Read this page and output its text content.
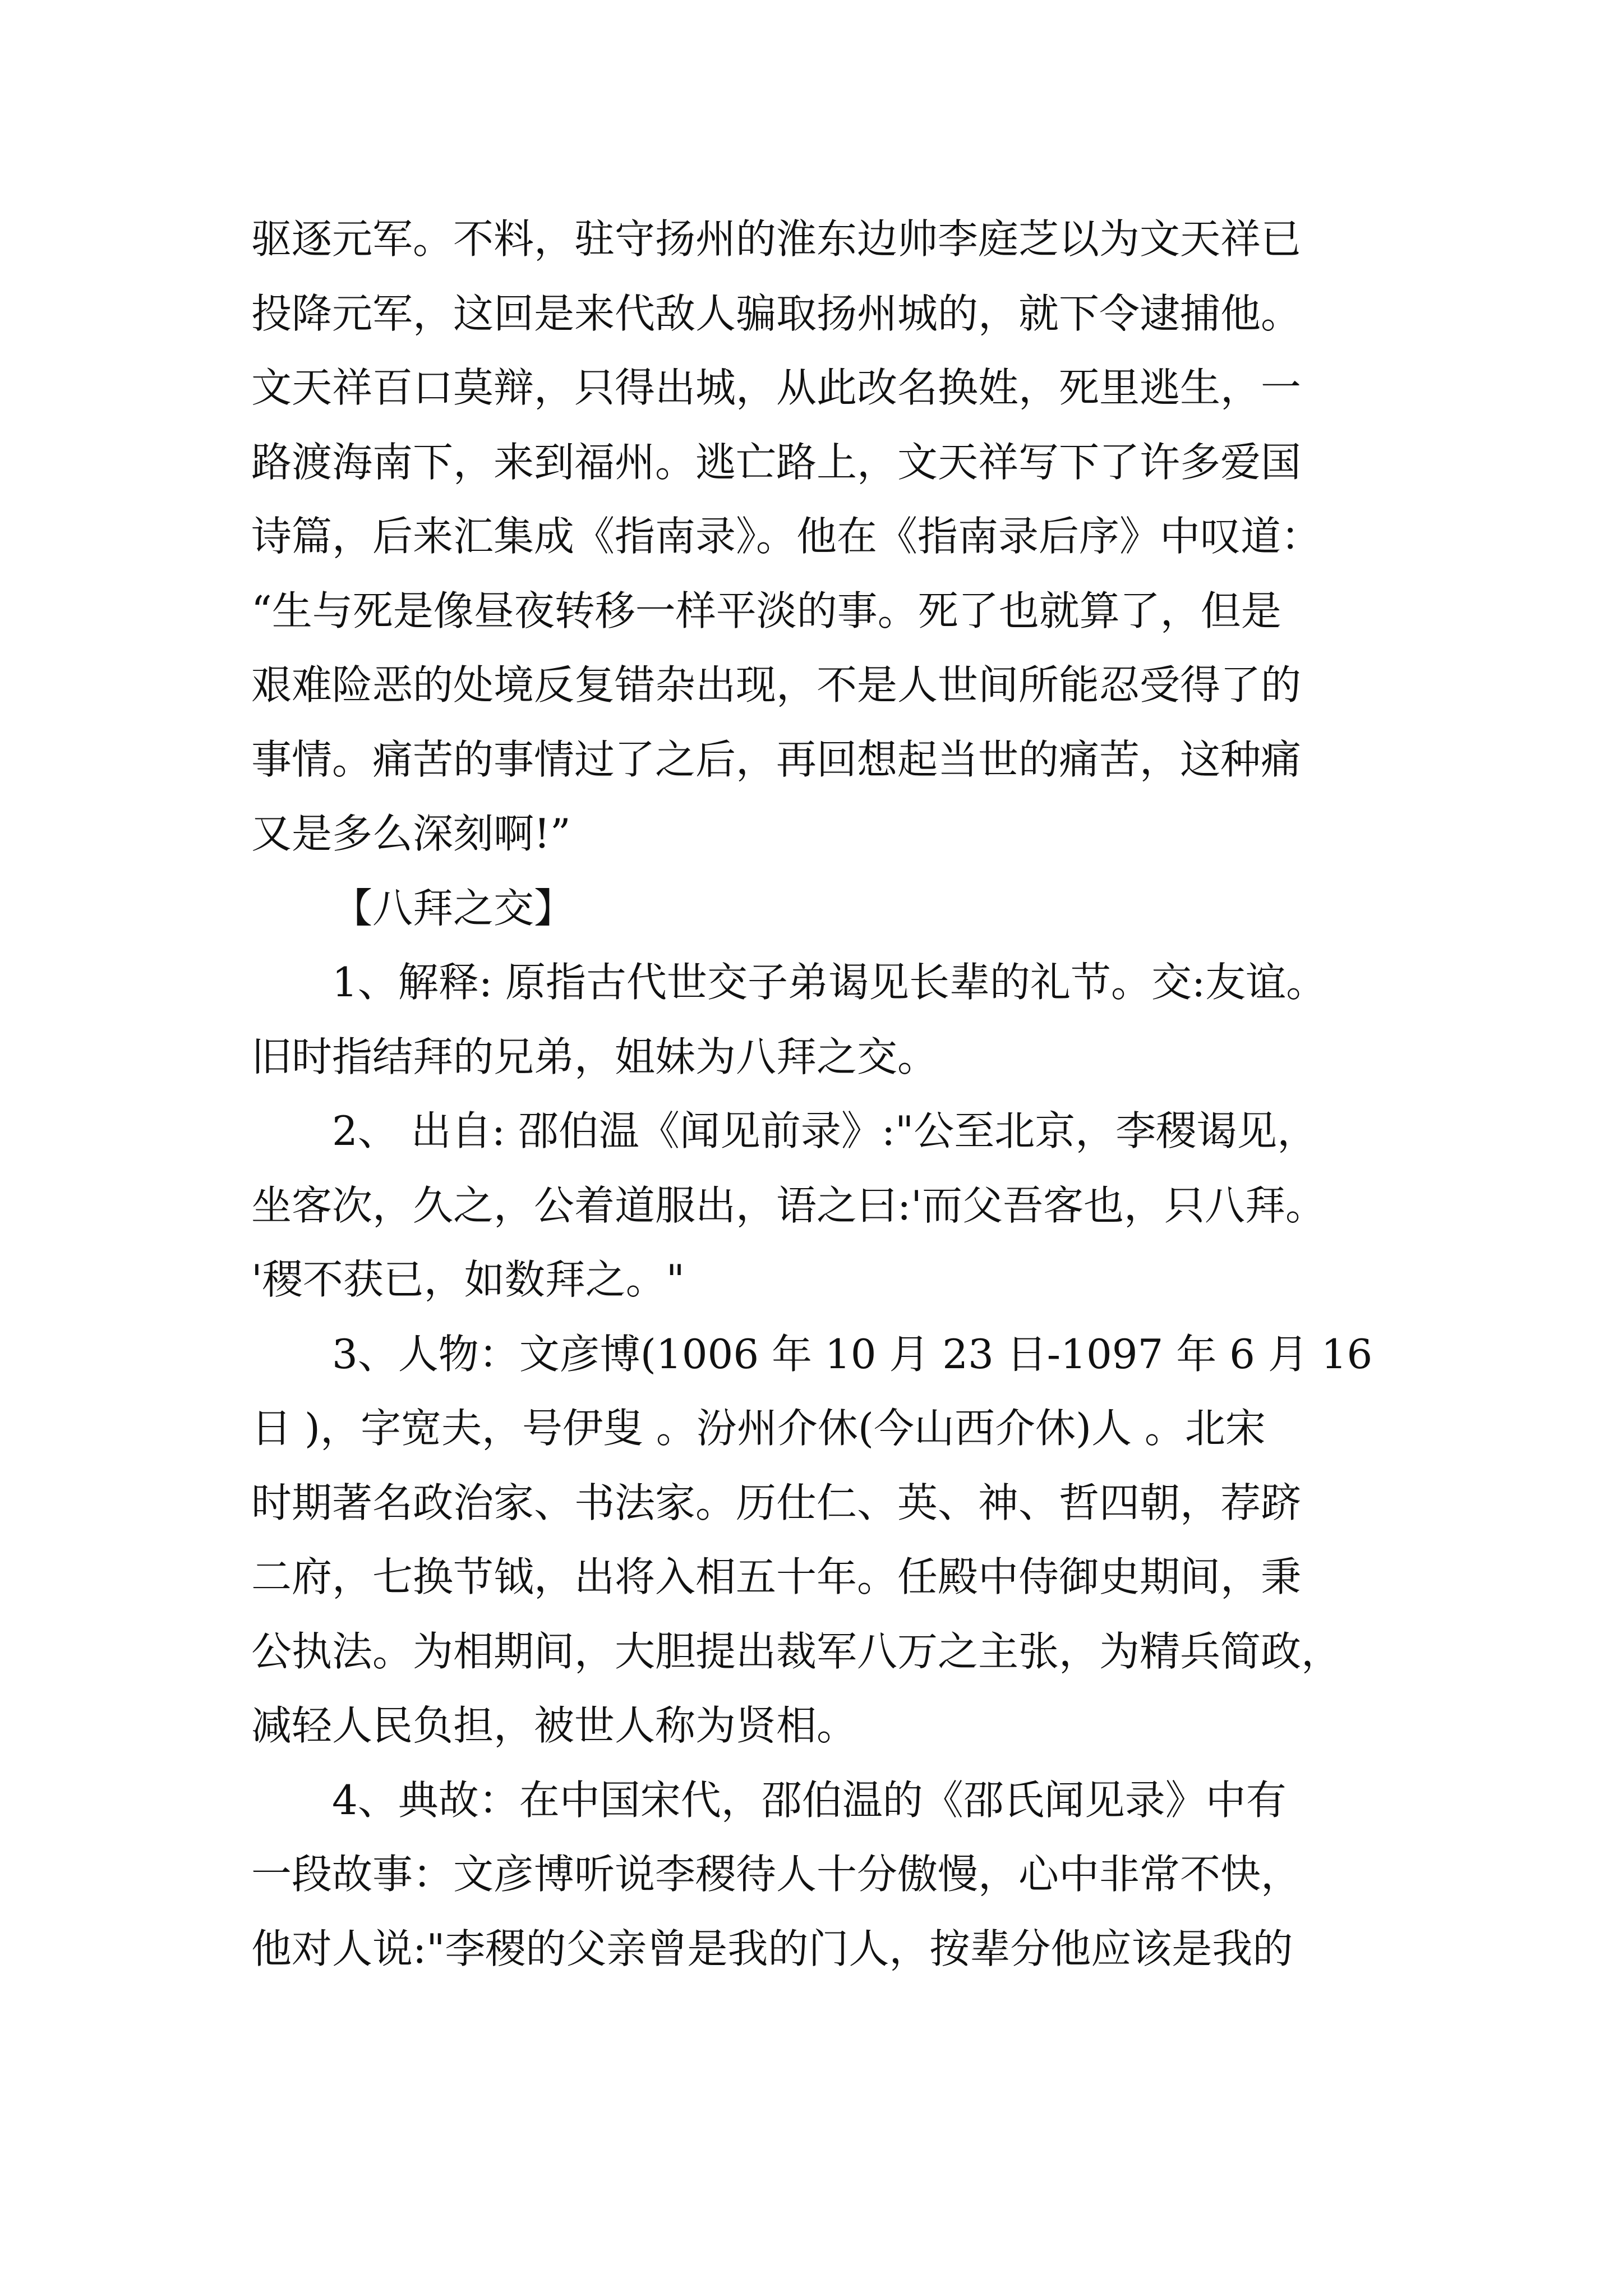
驱逐元军。不料，驻守扬州的淮东边帅李庭芝以为文天祥已
投降元军，这回是来代敌人骗取扬州城的，就下令逮捕他。
文天祥百口莫辩，只得出城，从此改名换姓，死里逃生，一
路渡海南下，来到福州。逃亡路上，文天祥写下了许多爱国
诗篇，后来汇集成《指南录》。他在《指南录后序》中叹道：
“生与死是像昼夜转移一样平淡的事。死了也就算了，但是
艰难险恶的处境反复错杂出现，不是人世间所能忍受得了的
事情。痛苦的事情过了之后，再回想起当世的痛苦，这种痛
又是多么深刻啊!”
【八拜之交】
1、解释: 原指古代世交子弟谒见长辈的礼节。交:友谊。
旧时指结拜的兄弟，姐妹为八拜之交。
2、 出自: 邵伯温《闻见前录》:"公至北京，李稷谒见，
坐客次，久之，公着道服出，语之曰:'而父吾客也，只八拜。
'稷不获已，如数拜之。"
3、人物：文彦博(1006 年 10 月 23 日-1097 年 6 月 16
日 )，字宽夫，号伊叟 。汾州介休(今山西介休)人 。北宋
时期著名政治家、书法家。历仕仁、英、神、哲四朝，荐跻
二府，七换节钺，出将入相五十年。任殿中侍御史期间，秉
公执法。为相期间，大胆提出裁军八万之主张，为精兵简政，
减轻人民负担，被世人称为贤相。
4、典故：在中国宋代，邵伯温的《邵氏闻见录》中有
一段故事：文彦博听说李稷待人十分傲慢，心中非常不快，
他对人说:"李稷的父亲曾是我的门人，按辈分他应该是我的
